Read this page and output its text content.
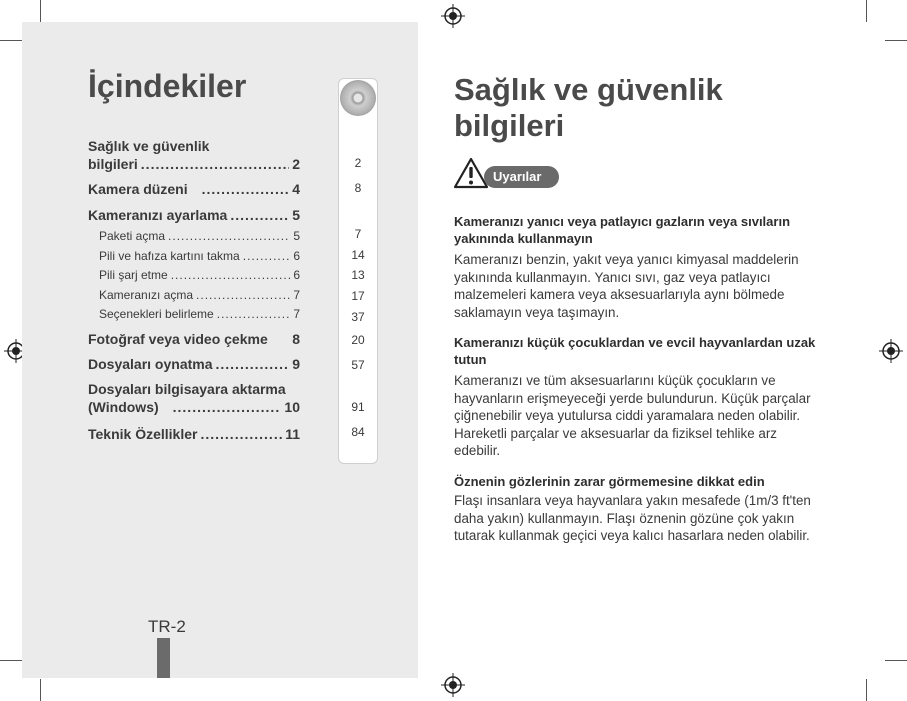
İçindekiler
Sağlık ve güvenlik
bilgileri .....	2
Kamera düzeni .....	4
Kameranızı ayarlama .....	5
Paketi açma .....	5
Pili ve hafıza kartını takma .....	6
Pili şarj etme .....	6
Kameranızı açma .....	7
Seçenekleri belirleme .....	7
Fotoğraf veya video çekme 8
Dosyaları oynatma .....	9
Dosyaları bilgisayara aktarma
(Windows) .....	10
Teknik Özellikler .....	11
2
8
7
14
13
17
37
20
57
91
84
TR-2
Sağlık ve güvenlik
bilgileri
Uyarılar
Kameranızı yanıcı veya patlayıcı gazların veya sıvıların yakınında kullanmayın
Kameranızı benzin, yakıt veya yanıcı kimyasal maddelerin yakınında kullanmayın. Yanıcı sıvı, gaz veya patlayıcı malzemeleri kamera veya aksesuarlarıyla aynı bölmede saklamayın veya taşımayın.
Kameranızı küçük çocuklardan ve evcil hayvanlardan uzak tutun
Kameranızı ve tüm aksesuarlarını küçük çocukların ve hayvanların erişmeyeceği yerde bulundurun. Küçük parçalar çiğnenebilir veya yutulursa ciddi yaramalara neden olabilir. Hareketli parçalar ve aksesuarlar da fiziksel tehlike arz edebilir.
Öznenin gözlerinin zarar görmemesine dikkat edin
Flaşı insanlara veya hayvanlara yakın mesafede (1m/3 ft'ten daha yakın) kullanmayın. Flaşı öznenin gözüne çok yakın tutarak kullanmak geçici veya kalıcı hasarlara neden olabilir.
